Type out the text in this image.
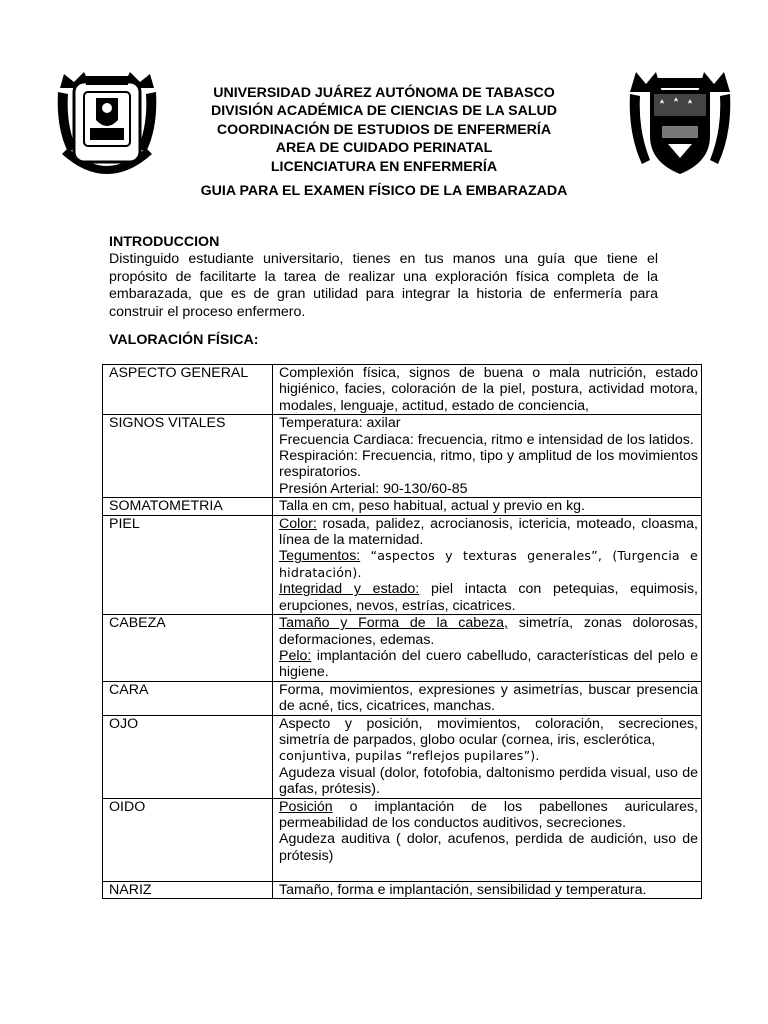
UNIVERSIDAD JUÁREZ AUTÓNOMA DE TABASCO
DIVISIÓN ACADÉMICA DE CIENCIAS DE LA SALUD
COORDINACIÓN DE ESTUDIOS DE ENFERMERÍA
AREA DE CUIDADO PERINATAL
LICENCIATURA EN ENFERMERÍA
GUIA PARA EL EXAMEN FÍSICO DE LA EMBARAZADA
INTRODUCCION
Distinguido estudiante universitario, tienes en tus manos una guía que tiene el propósito de facilitarte la tarea de realizar una exploración física completa de la embarazada, que es de gran utilidad para integrar la historia de enfermería para construir el proceso enfermero.
VALORACIÓN FÍSICA:
ASPECTO GENERAL	Complexión física, signos de buena o mala nutrición, estado higiénico, facies, coloración de la piel, postura, actividad motora, modales, lenguaje, actitud, estado de conciencia,
SIGNOS VITALES	Temperatura: axilar
Frecuencia Cardiaca: frecuencia, ritmo e intensidad de los latidos.
Respiración: Frecuencia, ritmo, tipo y amplitud de los movimientos respiratorios.
Presión Arterial: 90-130/60-85

SOMATOMETRIA	Talla en cm, peso habitual, actual y previo en kg.
PIEL	Color: rosada, palidez, acrocianosis, ictericia, moteado, cloasma, línea de la maternidad.
Tegumentos: “aspectos y texturas generales”, (Turgencia e hidratación).
Integridad y estado: piel intacta con petequias, equimosis, erupciones, nevos, estrías, cicatrices.

CABEZA	Tamaño y Forma de la cabeza, simetría, zonas dolorosas, deformaciones, edemas.
Pelo: implantación del cuero cabelludo, características del pelo e higiene.

CARA	Forma, movimientos, expresiones y asimetrías, buscar presencia de acné, tics, cicatrices, manchas.
OJO	Aspecto y posición, movimientos, coloración, secreciones, simetría de parpados, globo ocular (cornea, iris, esclerótica,
conjuntiva, pupilas “reflejos pupilares”).
Agudeza visual (dolor, fotofobia, daltonismo perdida visual, uso de gafas, prótesis).

OIDO	Posición o implantación de los pabellones auriculares, permeabilidad de los conductos auditivos, secreciones.
Agudeza auditiva ( dolor, acufenos, perdida de audición, uso de prótesis)

NARIZ	Tamaño, forma e implantación, sensibilidad y temperatura.
